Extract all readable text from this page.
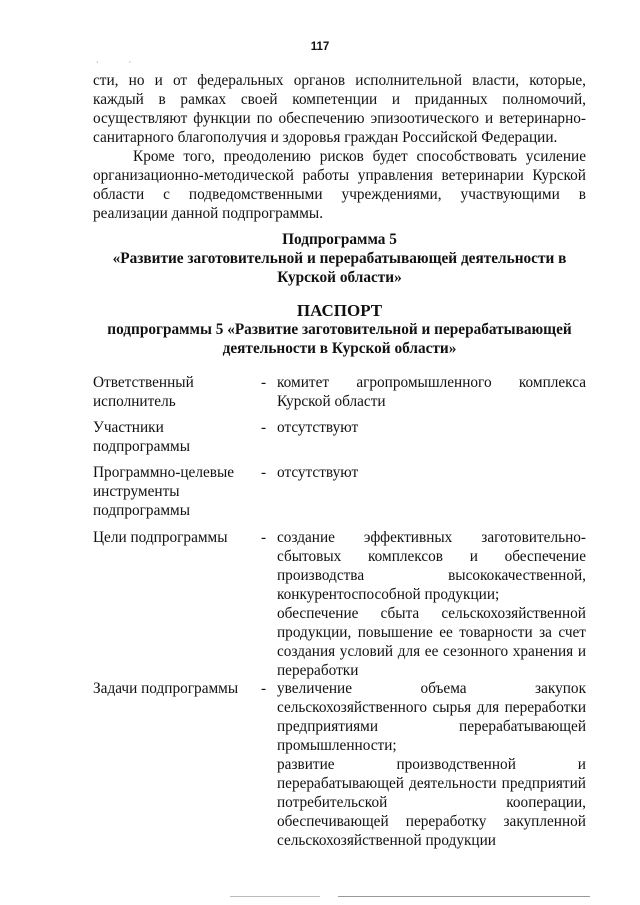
117
· ·

сти, но и от федеральных органов исполнительной власти, которые, каждый в рамках своей компетенции и приданных полномочий, осуществляют функции по обеспечению эпизоотического и ветеринарно-санитарного благополучия и здоровья граждан Российской Федерации.

Кроме того, преодолению рисков будет способствовать усиление организационно-методической работы управления ветеринарии Курской области с подведомственными учреждениями, участвующими в реализации данной подпрограммы.

Подпрограмма 5
«Развитие заготовительной и перерабатывающей деятельности в Курской области»
ПАСПОРТ
подпрограммы 5 «Развитие заготовительной и перерабатывающей деятельности в Курской области»
Ответственный исполнитель
- комитет агропромышленного комплекса Курской области
Участники подпрограммы
- отсутствуют
Программно-целевые инструменты подпрограммы
- отсутствуют
Цели подпрограммы	- создание эффективных заготовительно-сбытовых комплексов и обеспечение производства высококачественной, конкурентоспособной продукции;
обеспечение сбыта сельскохозяйственной продукции, повышение ее товарности за счет создания условий для ее сезонного хранения и переработки
Задачи подпрограммы	- увеличение объема закупок сельскохозяйственного сырья для переработки предприятиями перерабатывающей промышленности;
развитие производственной и перерабатывающей деятельности предприятий потребительской кооперации, обеспечивающей переработку закупленной сельскохозяйственной продукции
